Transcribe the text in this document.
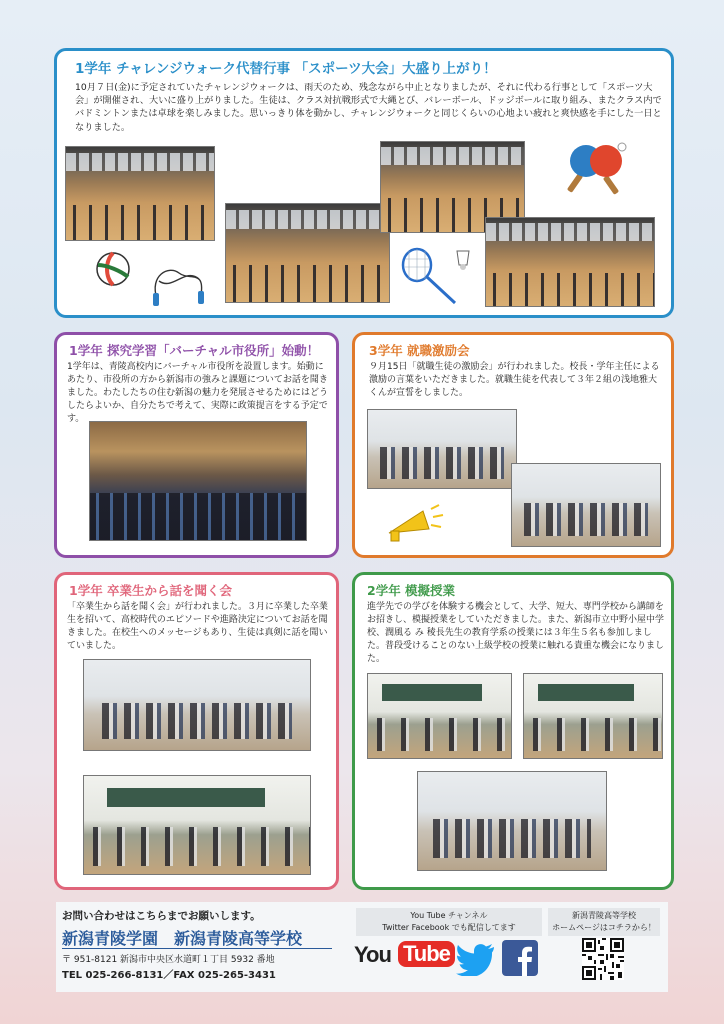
1学年 チャレンジウォーク代替行事 「スポーツ大会」大盛り上がり！
10月７日(金)に予定されていたチャレンジウォークは、雨天のため、残念ながら中止となりましたが、それに代わる行事として「スポーツ大会」が開催され、大いに盛り上がりました。生徒は、クラス対抗戦形式で大縄とび、バレーボール、ドッジボールに取り組み、またクラス内でバドミントンまたは卓球を楽しみました。思いっきり体を動かし、チャレンジウォークと同じくらいの心地よい疲れと爽快感を手にした一日となりました。
1学年 探究学習「バーチャル市役所」始動！
1学年は、青陵高校内にバーチャル市役所を設置します。始動にあたり、市役所の方から新潟市の強みと課題についてお話を聞きました。わたしたちの住む新潟の魅力を発展させるためにはどうしたらよいか、自分たちで考えて、実際に政策提言をする予定です。
3学年 就職激励会
９月15日「就職生徒の激励会」が行われました。校長・学年主任による激励の言葉をいただきました。就職生徒を代表して３年２組の浅地雅大くんが宣誓をしました。
1学年 卒業生から話を聞く会
「卒業生から話を聞く会」が行われました。３月に卒業した卒業生を招いて、高校時代のエピソードや進路決定についてお話を聞きました。在校生へのメッセージもあり、生徒は真剣に話を聞いていました。
2学年 模擬授業
進学先での学びを体験する機会として、大学、短大、専門学校から講師をお招きし、模擬授業をしていただきました。また、新潟市立中野小屋中学校、潤風る み 稜長先生の教育学系の授業には３年生５名も参加しました。普段受けることのない上級学校の授業に触れる貴重な機会になりました。
お問い合わせはこちらまでお願いします。
新潟青陵学園　新潟青陵高等学校
〒 951-8121 新潟市中央区水道町１丁目 5932 番地
TEL 025-266-8131／FAX 025-265-3431
You Tube チャンネル
Twitter Facebook でも配信してます
You Tube
新潟青陵高等学校
ホームページはコチラから！
